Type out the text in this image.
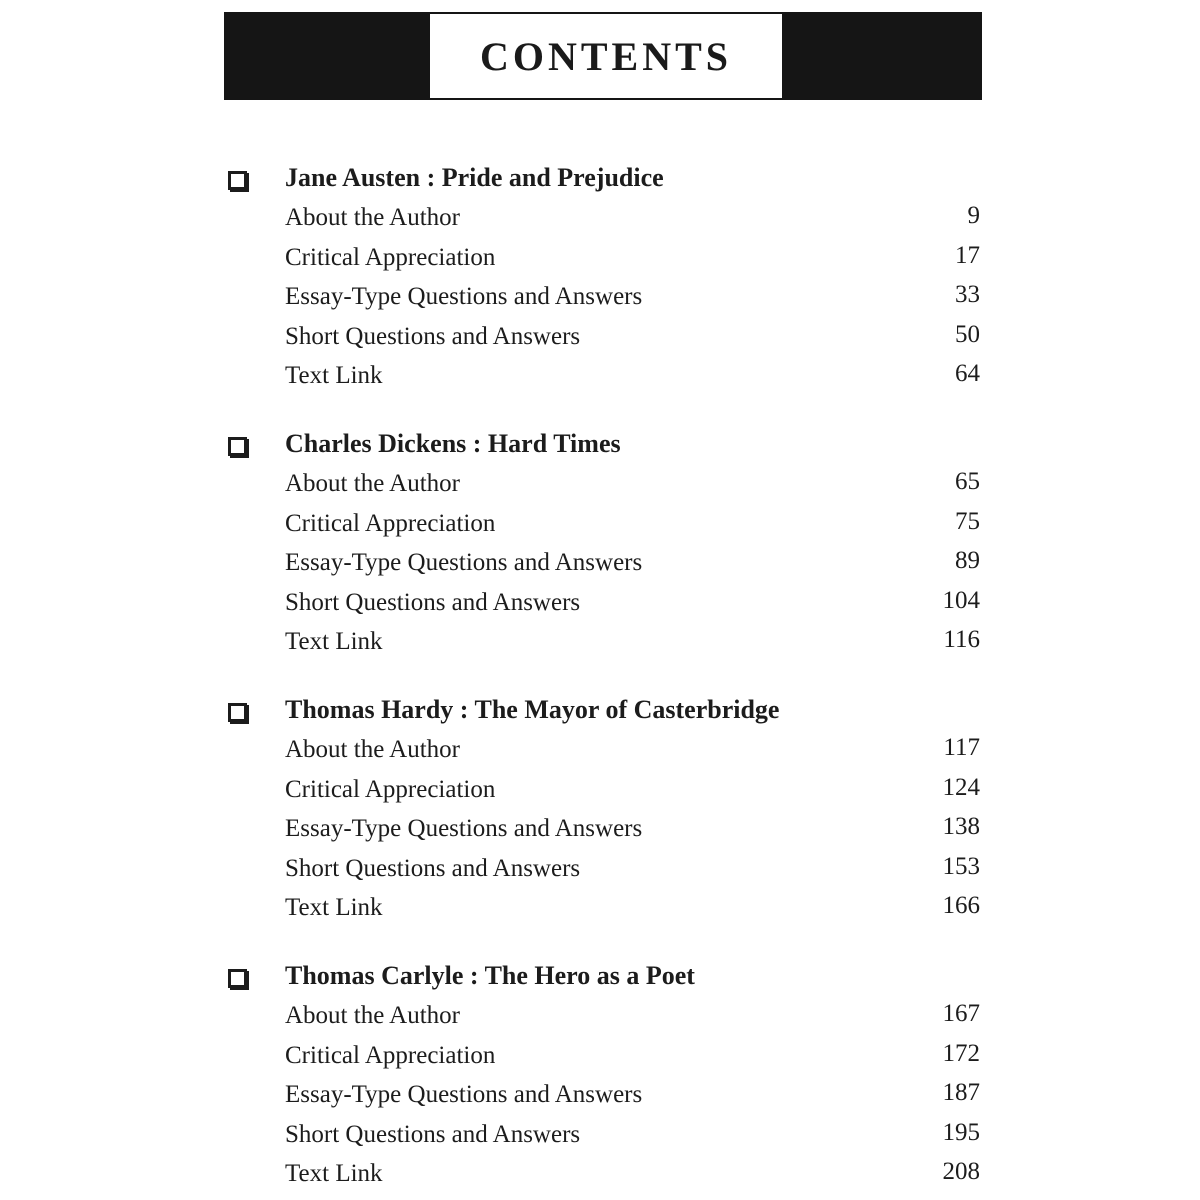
CONTENTS
Jane Austen : Pride and Prejudice
About the Author	9
Critical Appreciation	17
Essay-Type Questions and Answers	33
Short Questions and Answers	50
Text Link	64
Charles Dickens : Hard Times
About the Author	65
Critical Appreciation	75
Essay-Type Questions and Answers	89
Short Questions and Answers	104
Text Link	116
Thomas Hardy : The Mayor of Casterbridge
About the Author	117
Critical Appreciation	124
Essay-Type Questions and Answers	138
Short Questions and Answers	153
Text Link	166
Thomas Carlyle : The Hero as a Poet
About the Author	167
Critical Appreciation	172
Essay-Type Questions and Answers	187
Short Questions and Answers	195
Text Link	208
